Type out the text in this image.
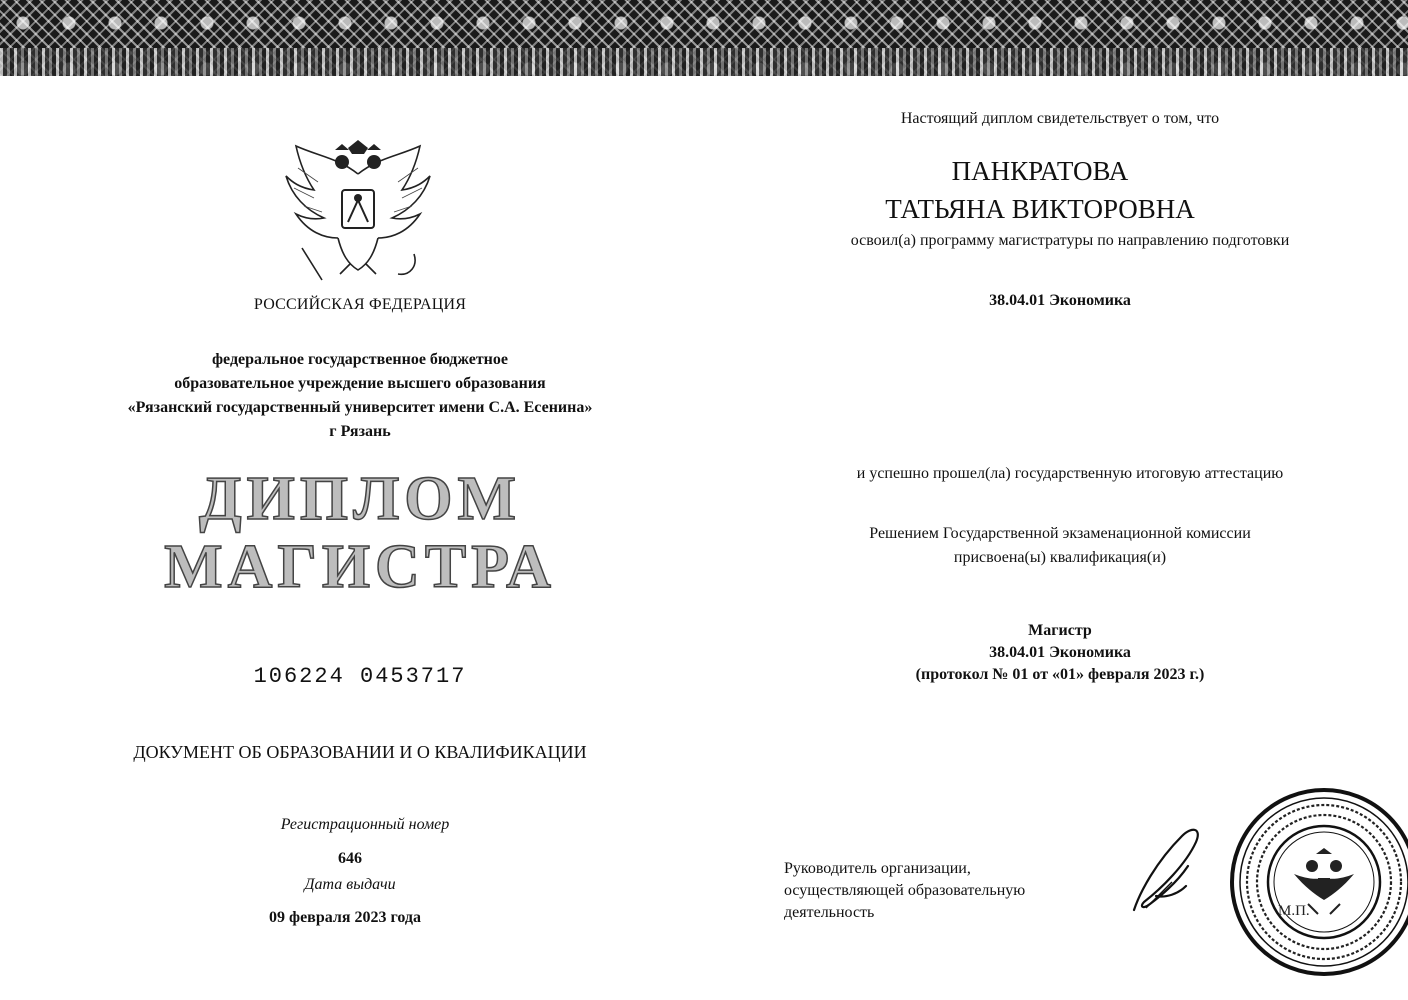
РОССИЙСКАЯ ФЕДЕРАЦИЯ
федеральное государственное бюджетное
образовательное учреждение высшего образования
«Рязанский государственный университет имени С.А. Есенина»
г Рязань
ДИПЛОМ
МАГИСТРА
106224 0453717
ДОКУМЕНТ ОБ ОБРАЗОВАНИИ И О КВАЛИФИКАЦИИ
Регистрационный номер
646
Дата выдачи
09 февраля 2023 года
Настоящий диплом свидетельствует о том, что
ПАНКРАТОВА
ТАТЬЯНА ВИКТОРОВНА
освоил(а) программу магистратуры по направлению подготовки
38.04.01 Экономика
и успешно прошел(ла) государственную итоговую аттестацию
Решением Государственной экзаменационной комиссии
присвоена(ы) квалификация(и)
Магистр
38.04.01 Экономика
(протокол № 01 от «01» февраля 2023 г.)
Руководитель организации,
осуществляющей образовательную
деятельность	М.П.
